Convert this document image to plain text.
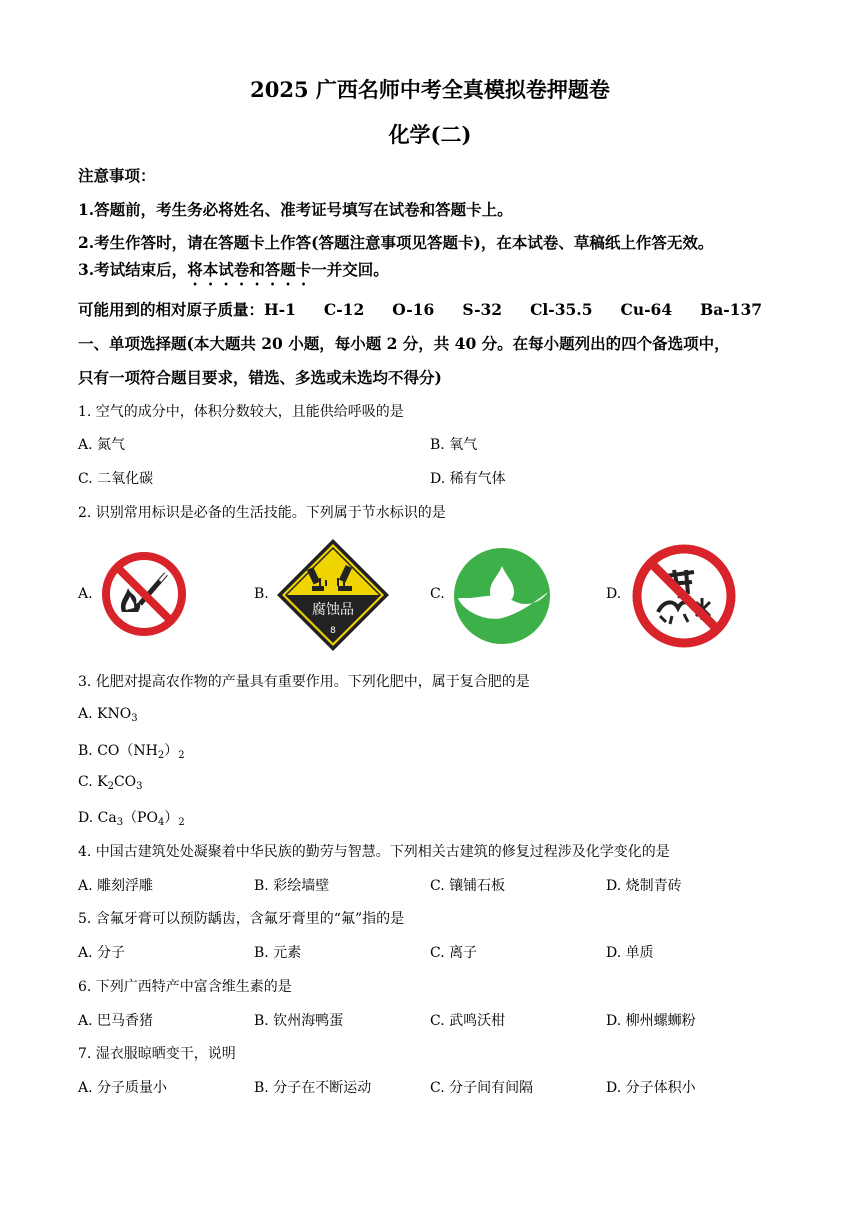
2025 广西名师中考全真模拟卷押题卷
化学(二)
注意事项：
1.答题前，考生务必将姓名、准考证号填写在试卷和答题卡上。
2.考生作答时，请在答题卡上作答(答题注意事项见答题卡)，在本试卷、草稿纸上作答无效。
3.考试结束后，将本试卷和答题卡一并交回。
可能用到的相对原子质量：H-1 C-12 O-16 S-32 Cl-35.5 Cu-64 Ba-137
一、单项选择题(本大题共 20 小题，每小题 2 分，共 40 分。在每小题列出的四个备选项中，
只有一项符合题目要求，错选、多选或未选均不得分)
1. 空气的成分中，体积分数较大，且能供给呼吸的是
A. 氮气	B. 氧气
C. 二氧化碳	D. 稀有气体
2. 识别常用标识是必备的生活技能。下列属于节水标识的是
A.	B.	C.	D.
腐蚀品
8
3. 化肥对提高农作物的产量具有重要作用。下列化肥中，属于复合肥的是
A. $KNO_3$
B. $CO(NH_2)_2$
C. $K_2CO_3$
D. $Ca_3(PO_4)_2$
4. 中国古建筑处处凝聚着中华民族的勤劳与智慧。下列相关古建筑的修复过程涉及化学变化的是
A. 雕刻浮雕	B. 彩绘墙壁	C. 镶铺石板	D. 烧制青砖
5. 含氟牙膏可以预防龋齿，含氟牙膏里的“氟”指的是
A. 分子	B. 元素	C. 离子	D. 单质
6. 下列广西特产中富含维生素的是
A. 巴马香猪	B. 钦州海鸭蛋	C. 武鸣沃柑	D. 柳州螺蛳粉
7. 湿衣服晾晒变干，说明
A. 分子质量小	B. 分子在不断运动	C. 分子间有间隔	D. 分子体积小
